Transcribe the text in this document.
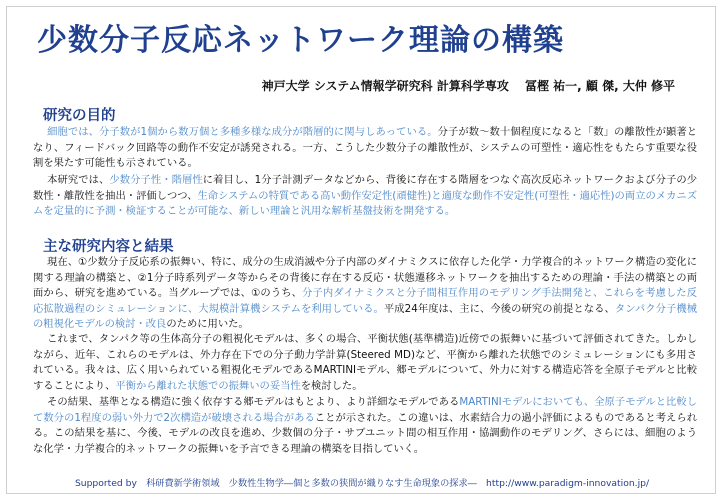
少数分子反応ネットワーク理論の構築
神戸大学 システム情報学研究科 計算科学専攻　 冨樫 祐一, 顧 傑, 大仲 修平
研究の目的
細胞では、分子数が1個から数万個と多種多様な成分が階層的に関与しあっている。分子が数〜数十個程度になると「数」の離散性が顕著となり、フィードバック回路等の動作不安定が誘発される。一方、こうした少数分子の離散性が、システムの可塑性・適応性をもたらす重要な役割を果たす可能性も示されている。
本研究では、少数分子性・階層性に着目し、1分子計測データなどから、背後に存在する階層をつなぐ高次反応ネットワークおよび分子の少数性・離散性を抽出・評価しつつ、生命システムの特質である高い動作安定性(頑健性)と適度な動作不安定性(可塑性・適応性)の両立のメカニズムを定量的に予測・検証することが可能な、新しい理論と汎用な解析基盤技術を開発する。
主な研究内容と結果
現在、①少数分子反応系の振舞い、特に、成分の生成消滅や分子内部のダイナミクスに依存した化学・力学複合的ネットワーク構造の変化に関する理論の構築と、②1分子時系列データ等からその背後に存在する反応・状態遷移ネットワークを抽出するための理論・手法の構築との両面から、研究を進めている。当グループでは、①のうち、分子内ダイナミクスと分子間相互作用のモデリング手法開発と、これらを考慮した反応拡散過程のシミュレーションに、大規模計算機システムを利用している。平成24年度は、主に、今後の研究の前提となる、タンパク分子機械の粗視化モデルの検討・改良のために用いた。
これまで、タンパク等の生体高分子の粗視化モデルは、多くの場合、平衡状態(基準構造)近傍での振舞いに基づいて評価されてきた。しかしながら、近年、これらのモデルは、外力存在下での分子動力学計算(Steered MD)など、平衡から離れた状態でのシミュレーションにも多用されている。我々は、広く用いられている粗視化モデルであるMARTINIモデル、郷モデルについて、外力に対する構造応答を全原子モデルと比較することにより、平衡から離れた状態での振舞いの妥当性を検討した。
その結果、基準となる構造に強く依存する郷モデルはもとより、より詳細なモデルであるMARTINIモデルにおいても、全原子モデルと比較して数分の1程度の弱い外力で2次構造が破壊される場合があることが示された。この違いは、水素結合力の過小評価によるものであると考えられる。この結果を基に、今後、モデルの改良を進め、少数個の分子・サブユニット間の相互作用・協調動作のモデリング、さらには、細胞のような化学・力学複合的ネットワークの振舞いを予言できる理論の構築を目指していく。
Supported by　科研費新学術領域　少数性生物学―個と多数の狭間が織りなす生命現象の探求―　http://www.paradigm-innovation.jp/
